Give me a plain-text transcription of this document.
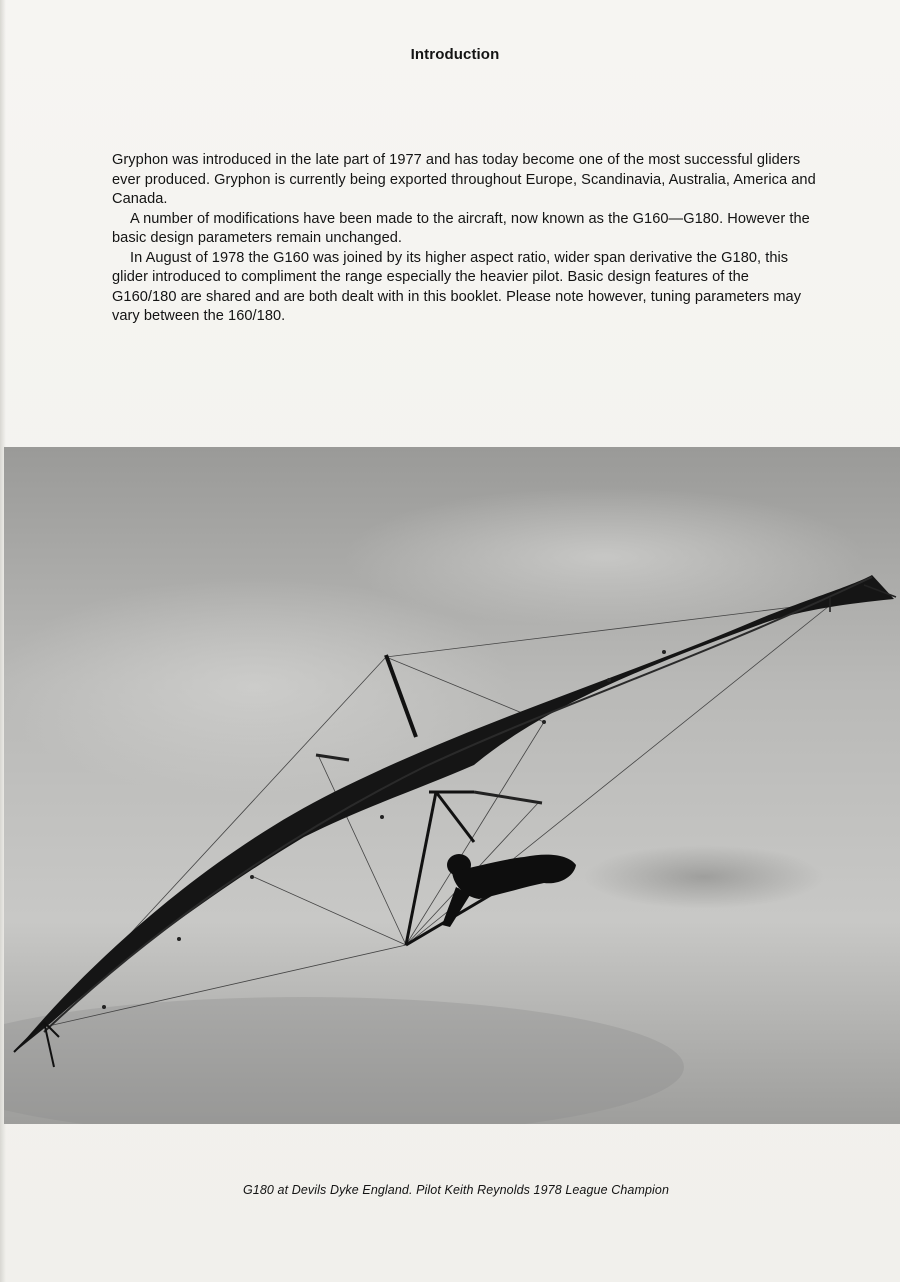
Introduction

Gryphon was introduced in the late part of 1977 and has today become one of the most successful gliders ever produced. Gryphon is currently being exported throughout Europe, Scandinavia, Australia, America and Canada.

A number of modifications have been made to the aircraft, now known as the G160—G180. However the basic design parameters remain unchanged.

In August of 1978 the G160 was joined by its higher aspect ratio, wider span derivative the G180, this glider introduced to compliment the range especially the heavier pilot. Basic design features of the G160/180 are shared and are both dealt with in this booklet. Please note however, tuning parameters may vary between the 160/180.

G180 at Devils Dyke England. Pilot Keith Reynolds 1978 League Champion
